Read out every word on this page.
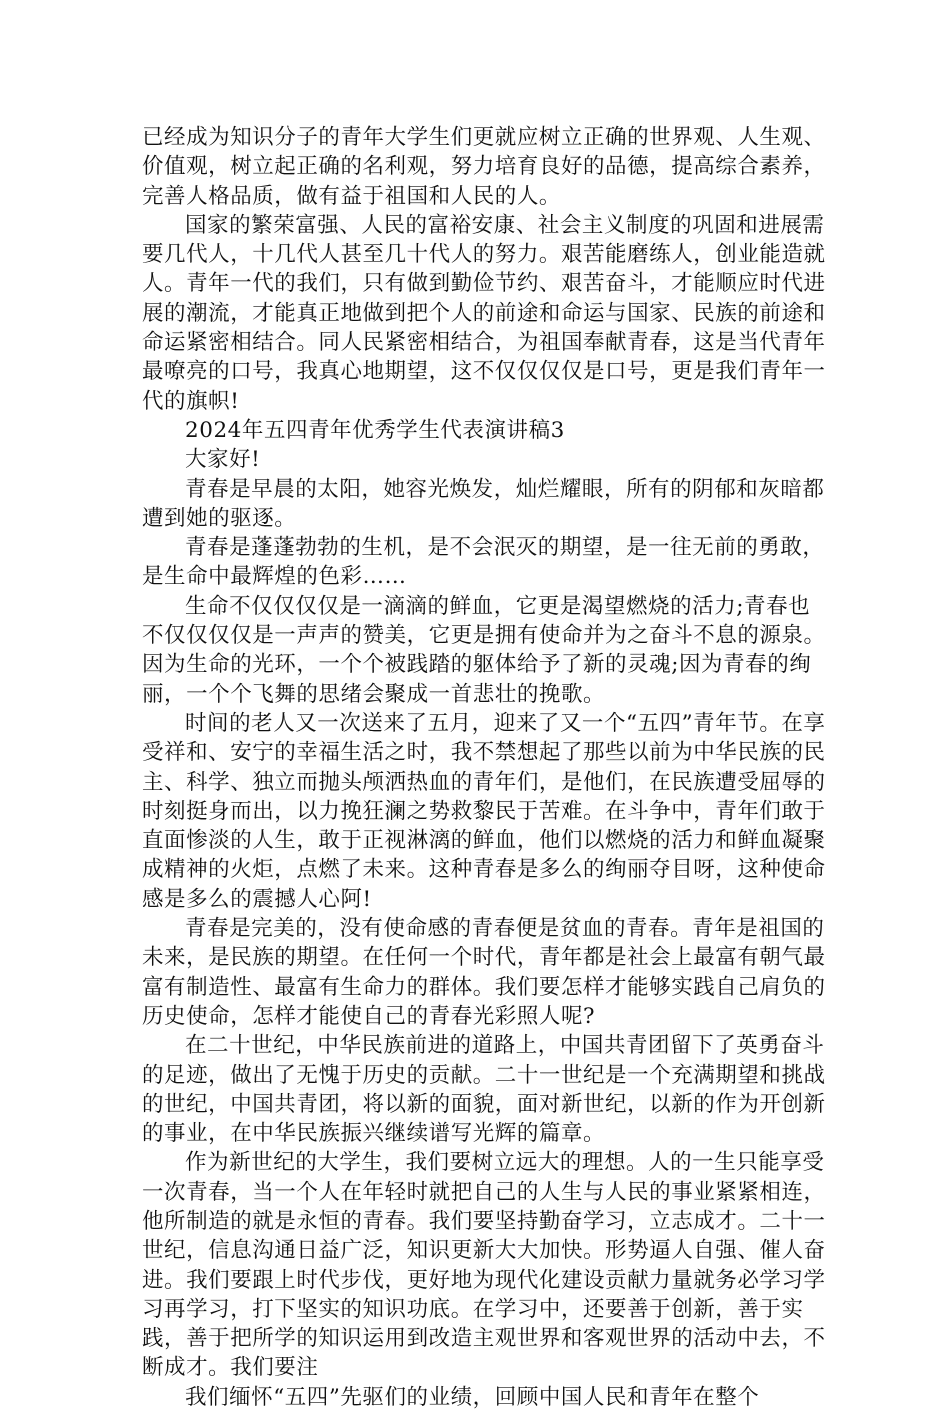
已经成为知识分子的青年大学生们更就应树立正确的世界观、人生观、价值观，树立起正确的名利观，努力培育良好的品德，提高综合素养，完善人格品质，做有益于祖国和人民的人。

国家的繁荣富强、人民的富裕安康、社会主义制度的巩固和进展需要几代人，十几代人甚至几十代人的努力。艰苦能磨练人，创业能造就人。青年一代的我们，只有做到勤俭节约、艰苦奋斗，才能顺应时代进展的潮流，才能真正地做到把个人的前途和命运与国家、民族的前途和命运紧密相结合。同人民紧密相结合，为祖国奉献青春，这是当代青年最嘹亮的口号，我真心地期望，这不仅仅仅仅是口号，更是我们青年一代的旗帜!

2024年五四青年优秀学生代表演讲稿3

大家好!

青春是早晨的太阳，她容光焕发，灿烂耀眼，所有的阴郁和灰暗都遭到她的驱逐。

青春是蓬蓬勃勃的生机，是不会泯灭的期望，是一往无前的勇敢，是生命中最辉煌的色彩……

生命不仅仅仅仅是一滴滴的鲜血，它更是渴望燃烧的活力;青春也不仅仅仅仅是一声声的赞美，它更是拥有使命并为之奋斗不息的源泉。因为生命的光环，一个个被践踏的躯体给予了新的灵魂;因为青春的绚丽，一个个飞舞的思绪会聚成一首悲壮的挽歌。

时间的老人又一次送来了五月，迎来了又一个“五四”青年节。在享受祥和、安宁的幸福生活之时，我不禁想起了那些以前为中华民族的民主、科学、独立而抛头颅洒热血的青年们，是他们，在民族遭受屈辱的时刻挺身而出，以力挽狂澜之势救黎民于苦难。在斗争中，青年们敢于直面惨淡的人生，敢于正视淋漓的鲜血，他们以燃烧的活力和鲜血凝聚成精神的火炬，点燃了未来。这种青春是多么的绚丽夺目呀，这种使命感是多么的震撼人心阿!

青春是完美的，没有使命感的青春便是贫血的青春。青年是祖国的未来，是民族的期望。在任何一个时代，青年都是社会上最富有朝气最富有制造性、最富有生命力的群体。我们要怎样才能够实践自己肩负的历史使命，怎样才能使自己的青春光彩照人呢?

在二十世纪，中华民族前进的道路上，中国共青团留下了英勇奋斗的足迹，做出了无愧于历史的贡献。二十一世纪是一个充满期望和挑战的世纪，中国共青团，将以新的面貌，面对新世纪，以新的作为开创新的事业，在中华民族振兴继续谱写光辉的篇章。

作为新世纪的大学生，我们要树立远大的理想。人的一生只能享受一次青春，当一个人在年轻时就把自己的人生与人民的事业紧紧相连，他所制造的就是永恒的青春。我们要坚持勤奋学习，立志成才。二十一世纪，信息沟通日益广泛，知识更新大大加快。形势逼人自强、催人奋进。我们要跟上时代步伐，更好地为现代化建设贡献力量就务必学习学习再学习，打下坚实的知识功底。在学习中，还要善于创新，善于实践，善于把所学的知识运用到改造主观世界和客观世界的活动中去，不断成才。我们要注

我们缅怀“五四”先驱们的业绩，回顾中国人民和青年在整个
